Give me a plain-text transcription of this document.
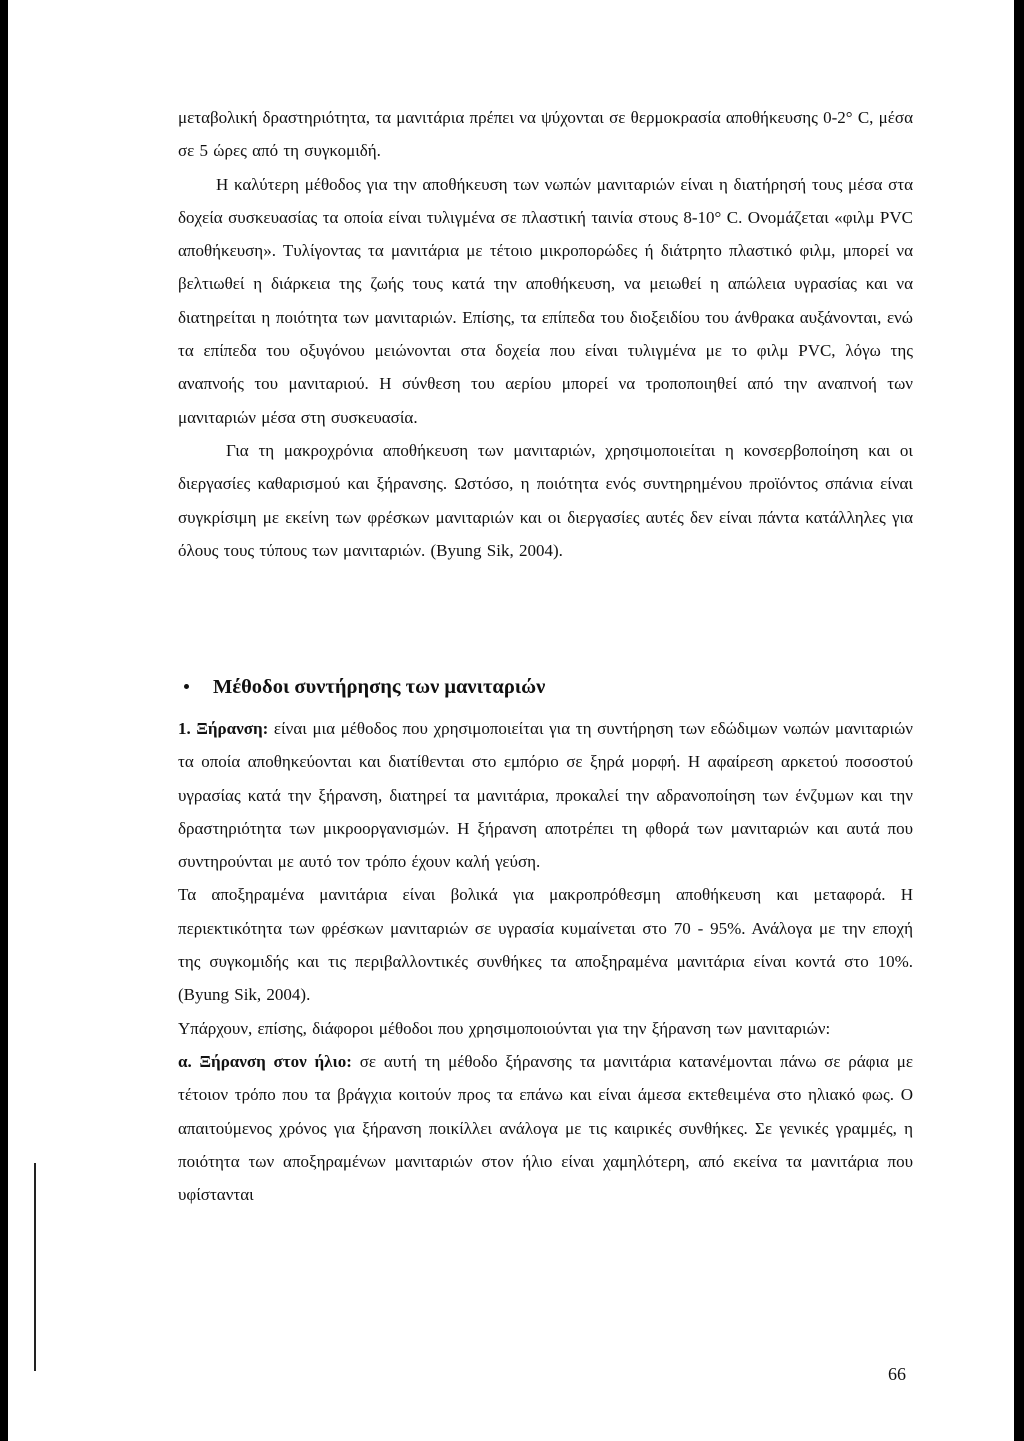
μεταβολική δραστηριότητα, τα μανιτάρια πρέπει να ψύχονται σε θερμοκρασία αποθήκευσης 0-2° C, μέσα σε 5 ώρες από τη συγκομιδή.

Η καλύτερη μέθοδος για την αποθήκευση των νωπών μανιταριών είναι η διατήρησή τους μέσα στα δοχεία συσκευασίας τα οποία είναι τυλιγμένα σε πλαστική ταινία στους 8-10° C. Ονομάζεται «φιλμ PVC αποθήκευση». Τυλίγοντας τα μανιτάρια με τέτοιο μικροπορώδες ή διάτρητο πλαστικό φιλμ, μπορεί να βελτιωθεί η διάρκεια της ζωής τους κατά την αποθήκευση, να μειωθεί η απώλεια υγρασίας και να διατηρείται η ποιότητα των μανιταριών. Επίσης, τα επίπεδα του διοξειδίου του άνθρακα αυξάνονται, ενώ τα επίπεδα του οξυγόνου μειώνονται στα δοχεία που είναι τυλιγμένα με το φιλμ PVC, λόγω της αναπνοής του μανιταριού. Η σύνθεση του αερίου μπορεί να τροποποιηθεί από την αναπνοή των μανιταριών μέσα στη συσκευασία.

Για τη μακροχρόνια αποθήκευση των μανιταριών, χρησιμοποιείται η κονσερβοποίηση και οι διεργασίες καθαρισμού και ξήρανσης. Ωστόσο, η ποιότητα ενός συντηρημένου προϊόντος σπάνια είναι συγκρίσιμη με εκείνη των φρέσκων μανιταριών και οι διεργασίες αυτές δεν είναι πάντα κατάλληλες για όλους τους τύπους των μανιταριών. (Byung Sik, 2004).

Μέθοδοι συντήρησης των μανιταριών

1. Ξήρανση: είναι μια μέθοδος που χρησιμοποιείται για τη συντήρηση των εδώδιμων νωπών μανιταριών τα οποία αποθηκεύονται και διατίθενται στο εμπόριο σε ξηρά μορφή. Η αφαίρεση αρκετού ποσοστού υγρασίας κατά την ξήρανση, διατηρεί τα μανιτάρια, προκαλεί την αδρανοποίηση των ένζυμων και την δραστηριότητα των μικροοργανισμών. Η ξήρανση αποτρέπει τη φθορά των μανιταριών και αυτά που συντηρούνται με αυτό τον τρόπο έχουν καλή γεύση.

Τα αποξηραμένα μανιτάρια είναι βολικά για μακροπρόθεσμη αποθήκευση και μεταφορά. Η περιεκτικότητα των φρέσκων μανιταριών σε υγρασία κυμαίνεται στο 70 - 95%. Ανάλογα με την εποχή της συγκομιδής και τις περιβαλλοντικές συνθήκες τα αποξηραμένα μανιτάρια είναι κοντά στο 10%. (Byung Sik, 2004).

Υπάρχουν, επίσης, διάφοροι μέθοδοι που χρησιμοποιούνται για την ξήρανση των μανιταριών:

α. Ξήρανση στον ήλιο: σε αυτή τη μέθοδο ξήρανσης τα μανιτάρια κατανέμονται πάνω σε ράφια με τέτοιον τρόπο που τα βράγχια κοιτούν προς τα επάνω και είναι άμεσα εκτεθειμένα στο ηλιακό φως. Ο απαιτούμενος χρόνος για ξήρανση ποικίλλει ανάλογα με τις καιρικές συνθήκες. Σε γενικές γραμμές, η ποιότητα των αποξηραμένων μανιταριών στον ήλιο είναι χαμηλότερη, από εκείνα τα μανιτάρια που υφίστανται

66
